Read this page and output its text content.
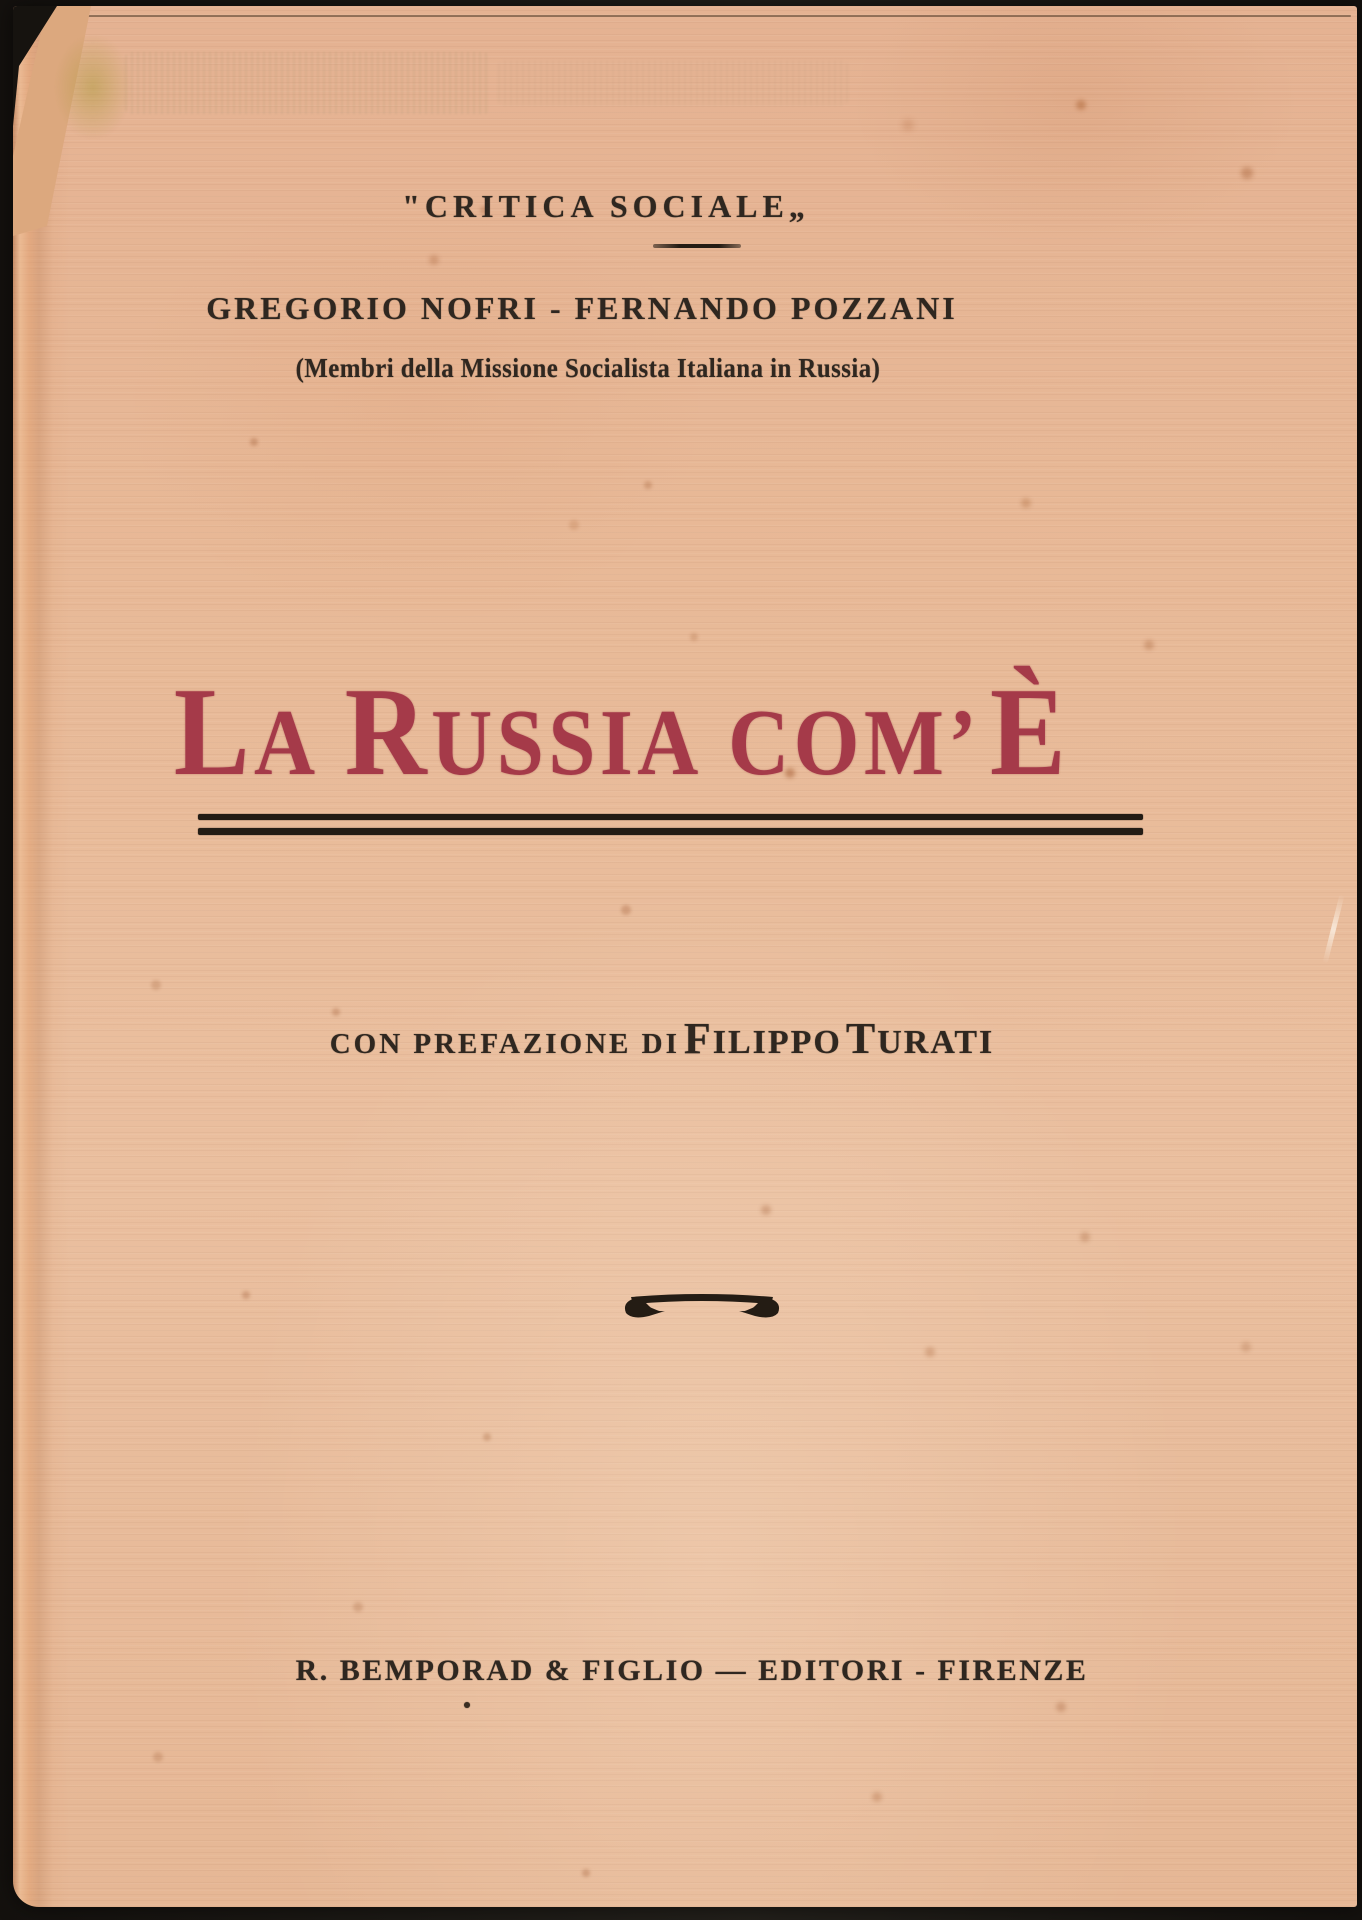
"CRITICA SOCIALE„
GREGORIO NOFRI - FERNANDO POZZANI
(Membri della Missione Socialista Italiana in Russia)
LA RUSSIA COM’È
CON PREFAZIONE DI FILIPPO TURATI
R. BEMPORAD & FIGLIO — EDITORI - FIRENZE
